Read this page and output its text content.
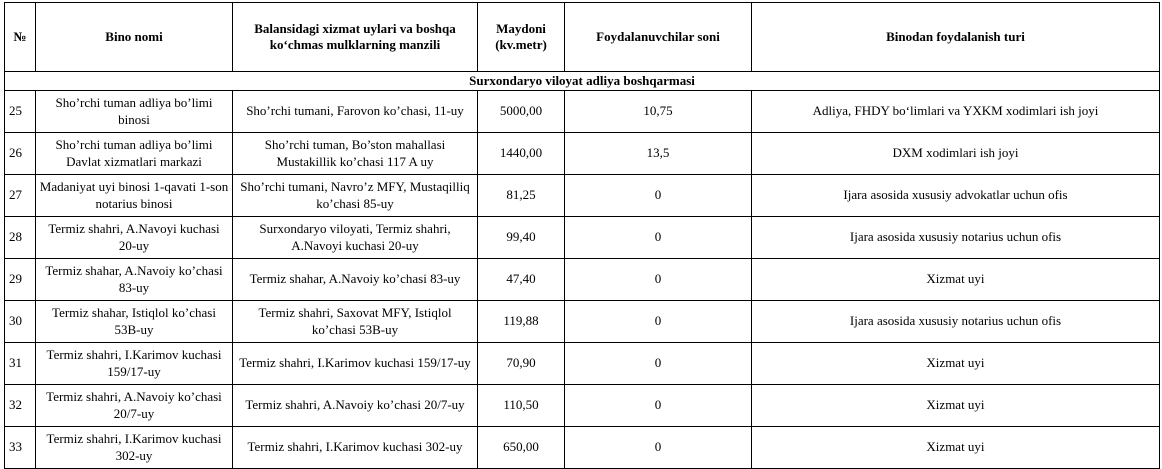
№	Bino nomi	Balansidagi xizmat uylari va boshqa ko‘chmas mulklarning manzili	Maydoni (kv.metr)	Foydalanuvchilar soni	Binodan foydalanish turi
Surxondaryo viloyat adliya boshqarmasi					
25	Sho’rchi tuman adliya bo’limi binosi	Sho’rchi tumani, Farovon ko’chasi, 11-uy	5000,00	10,75	Adliya, FHDY bo‘limlari va YXKM xodimlari ish joyi
26	Sho’rchi tuman adliya bo’limi Davlat xizmatlari markazi	Sho’rchi tuman, Bo’ston mahallasi Mustakillik ko’chasi 117 A uy	1440,00	13,5	DXM xodimlari ish joyi
27	Madaniyat uyi binosi 1-qavati 1-son notarius binosi	Sho’rchi tumani, Navro’z MFY, Mustaqilliq ko’chasi 85-uy	81,25	0	Ijara asosida xususiy advokatlar uchun ofis
28	Termiz shahri, A.Navoyi kuchasi 20-uy	Surxondaryo viloyati, Termiz shahri, A.Navoyi kuchasi 20-uy	99,40	0	Ijara asosida xususiy notarius uchun ofis
29	Termiz shahar, A.Navoiy ko’chasi 83-uy	Termiz shahar, A.Navoiy ko’chasi 83-uy	47,40	0	Xizmat uyi
30	Termiz shahar, Istiqlol ko’chasi 53B-uy	Termiz shahri, Saxovat MFY, Istiqlol ko’chasi 53B-uy	119,88	0	Ijara asosida xususiy notarius uchun ofis
31	Termiz shahri, I.Karimov kuchasi 159/17-uy	Termiz shahri, I.Karimov kuchasi 159/17-uy	70,90	0	Xizmat uyi
32	Termiz shahri, A.Navoiy ko’chasi 20/7-uy	Termiz shahri, A.Navoiy ko’chasi 20/7-uy	110,50	0	Xizmat uyi
33	Termiz shahri, I.Karimov kuchasi 302-uy	Termiz shahri, I.Karimov kuchasi 302-uy	650,00	0	Xizmat uyi
